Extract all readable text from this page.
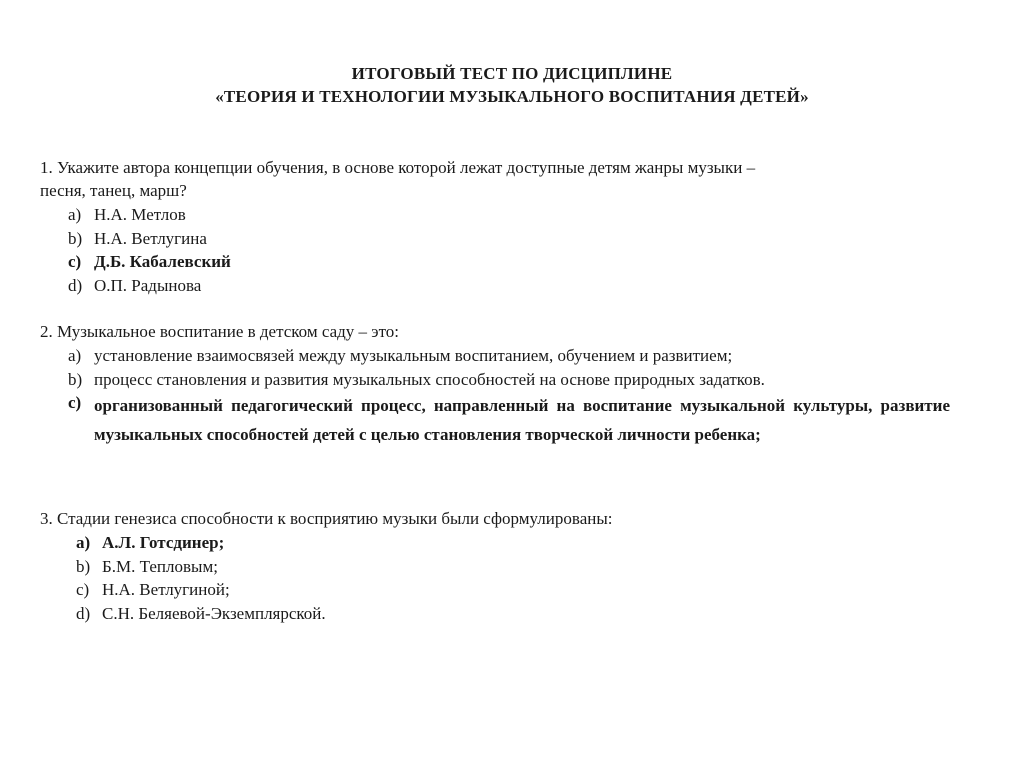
ИТОГОВЫЙ ТЕСТ ПО ДИСЦИПЛИНЕ
«ТЕОРИЯ И ТЕХНОЛОГИИ МУЗЫКАЛЬНОГО ВОСПИТАНИЯ ДЕТЕЙ»
1. Укажите автора концепции обучения, в основе которой лежат доступные детям жанры музыки –
песня, танец, марш?
a) Н.А. Метлов
b) Н.А. Ветлугина
c) Д.Б. Кабалевский
d) О.П. Радынова
2. Музыкальное воспитание в детском саду – это:
a) установление взаимосвязей между музыкальным воспитанием, обучением и развитием;
b) процесс становления и развития музыкальных способностей на основе природных задатков.
c) организованный педагогический процесс, направленный на воспитание музыкальной культуры, развитие музыкальных способностей детей с целью становления творческой личности ребенка;
3. Стадии генезиса способности к восприятию музыки были сформулированы:
a) А.Л. Готсдинер;
b) Б.М. Тепловым;
c) Н.А. Ветлугиной;
d) С.Н. Беляевой-Экземплярской.
